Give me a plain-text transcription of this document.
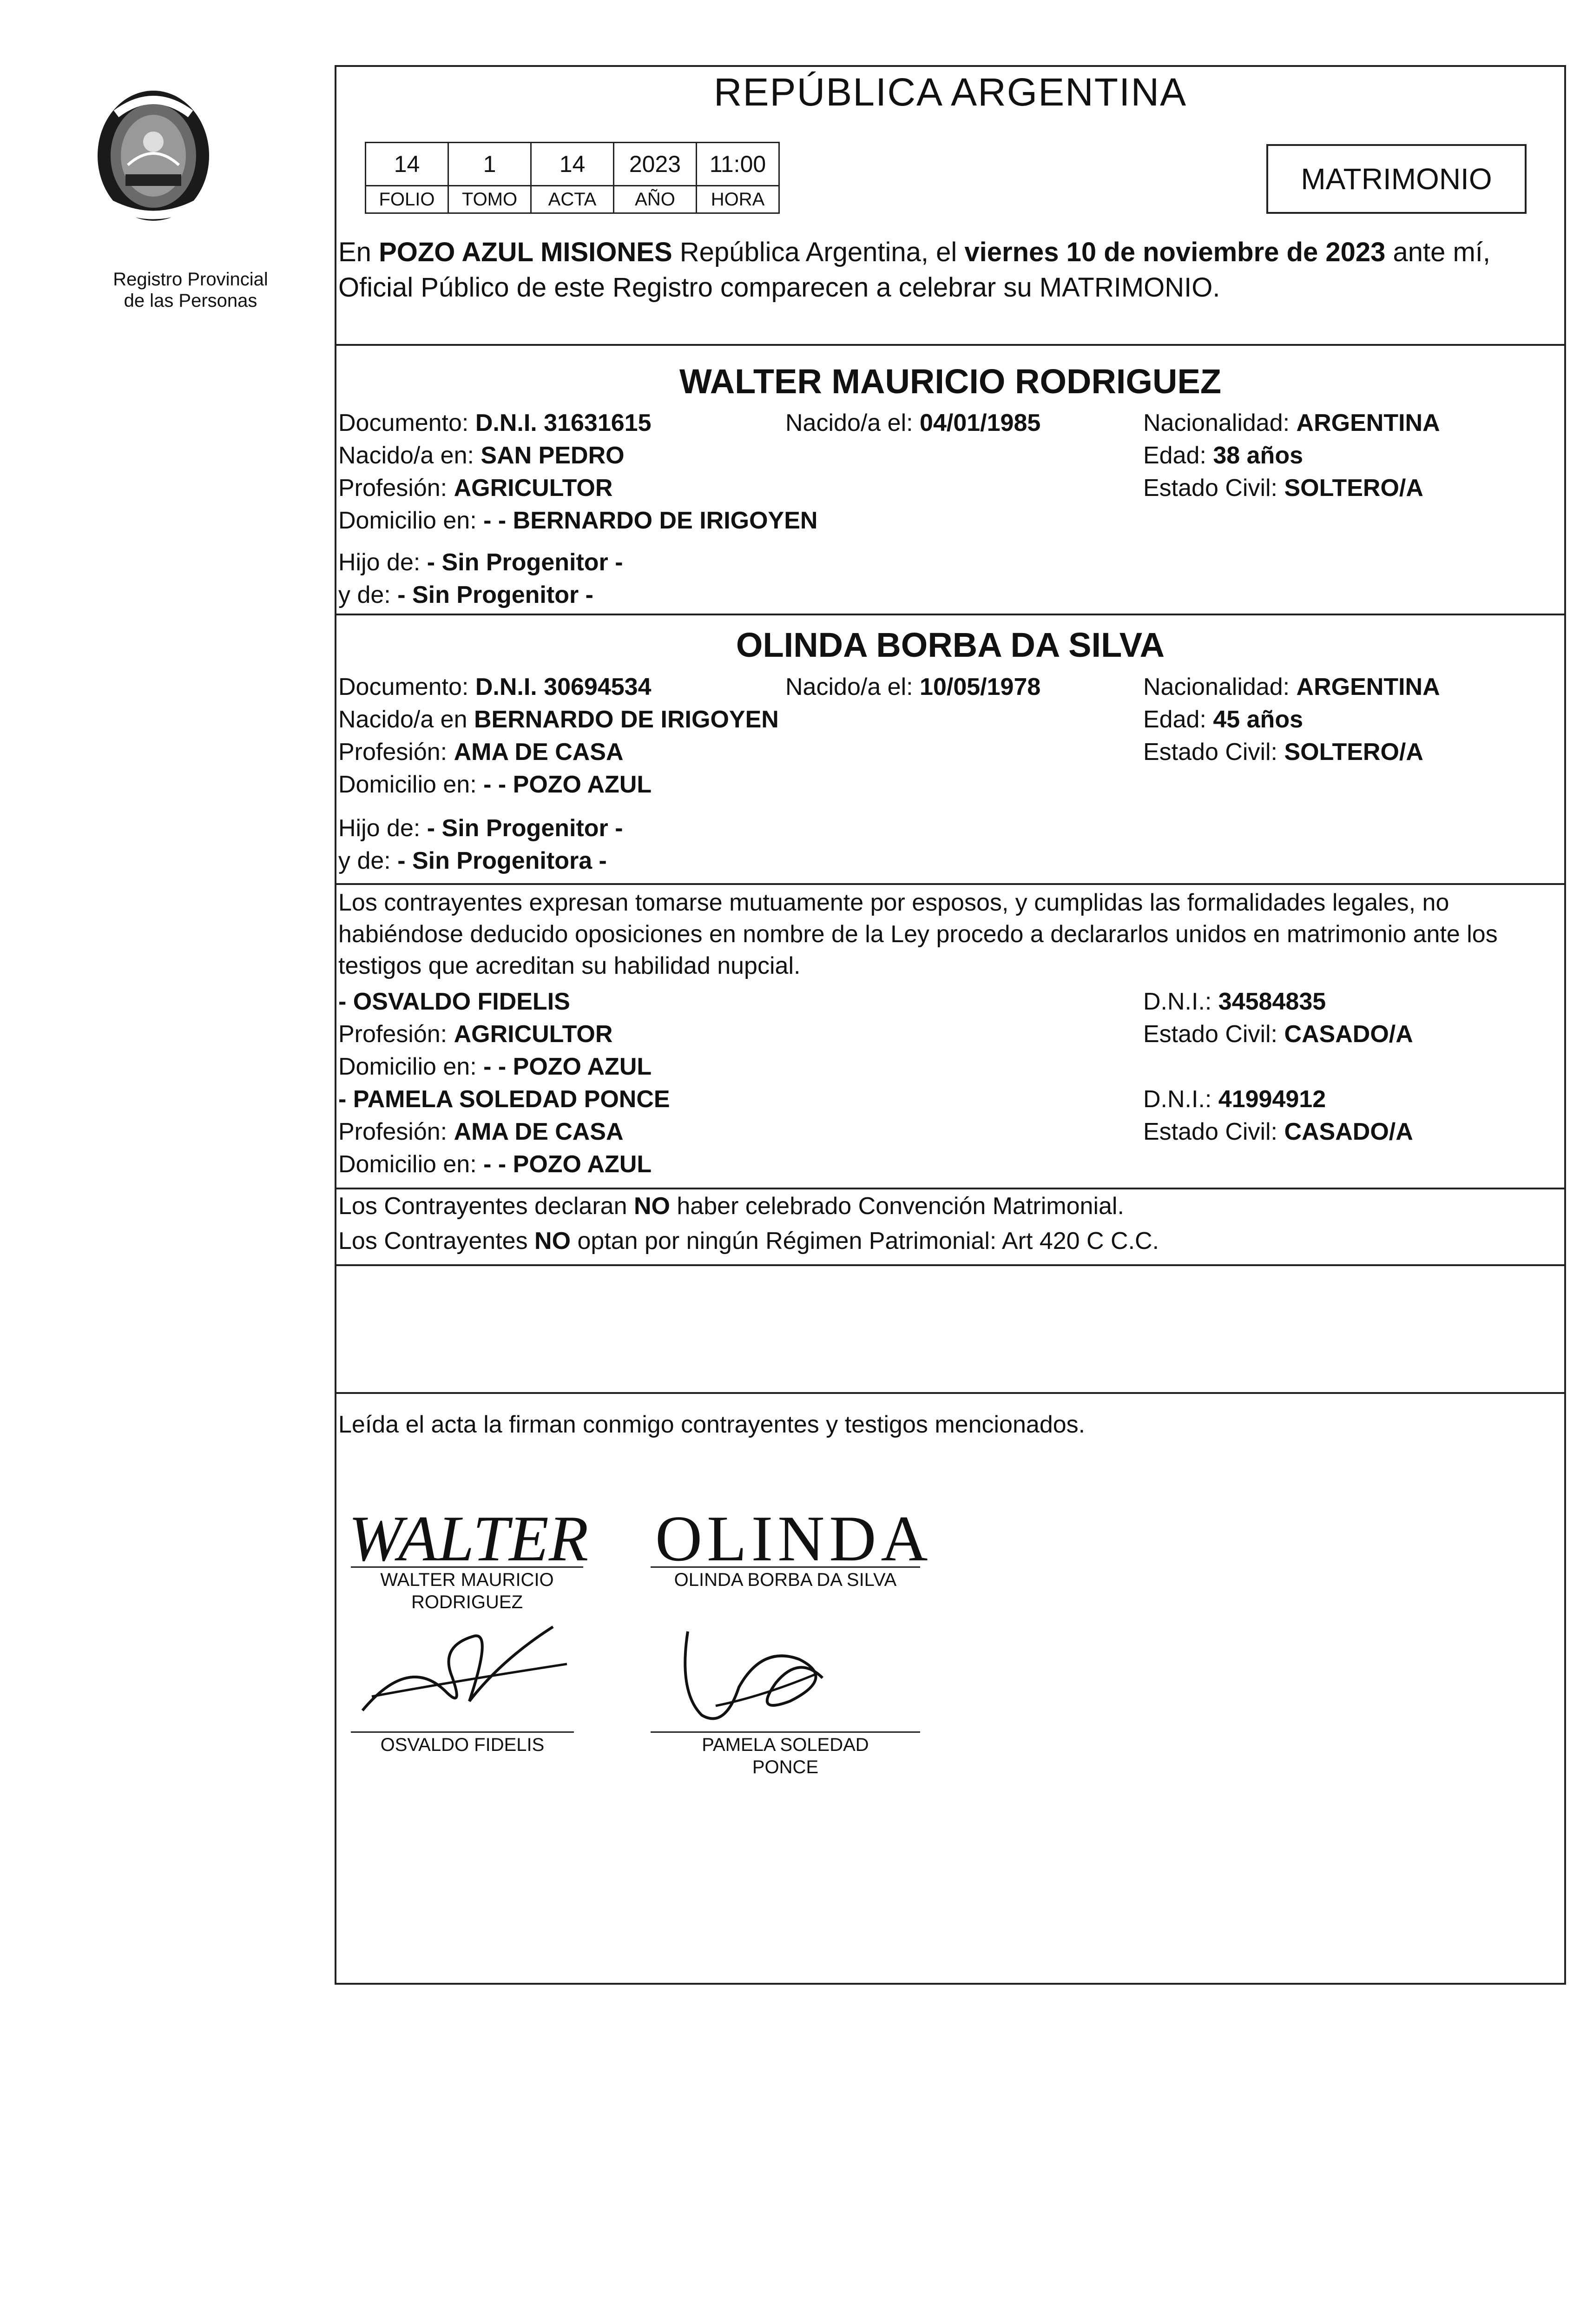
Registro Provincial
de las Personas
REPÚBLICA ARGENTINA
14	1	14	2023	11:00
FOLIO	TOMO	ACTA	AÑO	HORA
MATRIMONIO
En POZO AZUL MISIONES República Argentina, el viernes 10 de noviembre de 2023 ante mí, Oficial Público de este Registro comparecen a celebrar su MATRIMONIO.
WALTER MAURICIO RODRIGUEZ
Documento: D.N.I. 31631615	Nacido/a el: 04/01/1985	Nacionalidad: ARGENTINA
Nacido/a en: SAN PEDRO	Edad: 38 años
Profesión: AGRICULTOR	Estado Civil: SOLTERO/A
Domicilio en: - - BERNARDO DE IRIGOYEN
Hijo de: - Sin Progenitor -
y de: - Sin Progenitor -
OLINDA BORBA DA SILVA
Documento: D.N.I. 30694534	Nacido/a el: 10/05/1978	Nacionalidad: ARGENTINA
Nacido/a en BERNARDO DE IRIGOYEN	Edad: 45 años
Profesión: AMA DE CASA	Estado Civil: SOLTERO/A
Domicilio en: - - POZO AZUL
Hijo de: - Sin Progenitor -
y de: - Sin Progenitora -
Los contrayentes expresan tomarse mutuamente por esposos, y cumplidas las formalidades legales, no habiéndose deducido oposiciones en nombre de la Ley procedo a declararlos unidos en matrimonio ante los testigos que acreditan su habilidad nupcial.
- OSVALDO FIDELIS	D.N.I.: 34584835
Profesión: AGRICULTOR	Estado Civil: CASADO/A
Domicilio en: - - POZO AZUL
- PAMELA SOLEDAD PONCE	D.N.I.: 41994912
Profesión: AMA DE CASA	Estado Civil: CASADO/A
Domicilio en: - - POZO AZUL
Los Contrayentes declaran NO haber celebrado Convención Matrimonial.
Los Contrayentes NO optan por ningún Régimen Patrimonial: Art 420 C C.C.
Leída el acta la firman conmigo contrayentes y testigos mencionados.
WALTER
WALTER MAURICIO
RODRIGUEZ
OLINDA
OLINDA BORBA DA SILVA
OSVALDO FIDELIS	PAMELA SOLEDAD
PONCE
